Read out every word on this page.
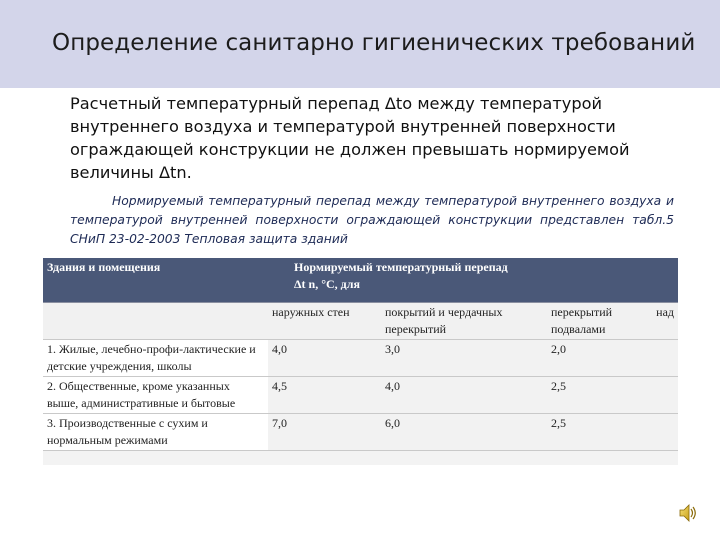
Определение санитарно гигиенических требований
Расчетный температурный перепад Δto между температурой внутреннего воздуха и температурой внутренней поверхности ограждающей конструкции не должен превышать нормируемой величины Δtn.
Нормируемый температурный перепад между температурой внутреннего воздуха и температурой внутренней поверхности ограждающей конструкции представлен табл.5 СНиП 23-02-2003 Тепловая защита зданий
Здания и помещения	Нормируемый температурный перепад
Δt n, °С, для		

	наружных стен	покрытий и чердачных перекрытий	перекрытий над подвалами
1. Жилые, лечебно-профи-лактические и детские учреждения, школы	4,0	3,0	2,0
2. Общественные, кроме указанных выше, административные и бытовые	4,5	4,0	2,5
3. Производственные с сухим и нормальным режимами	7,0	6,0	2,5
